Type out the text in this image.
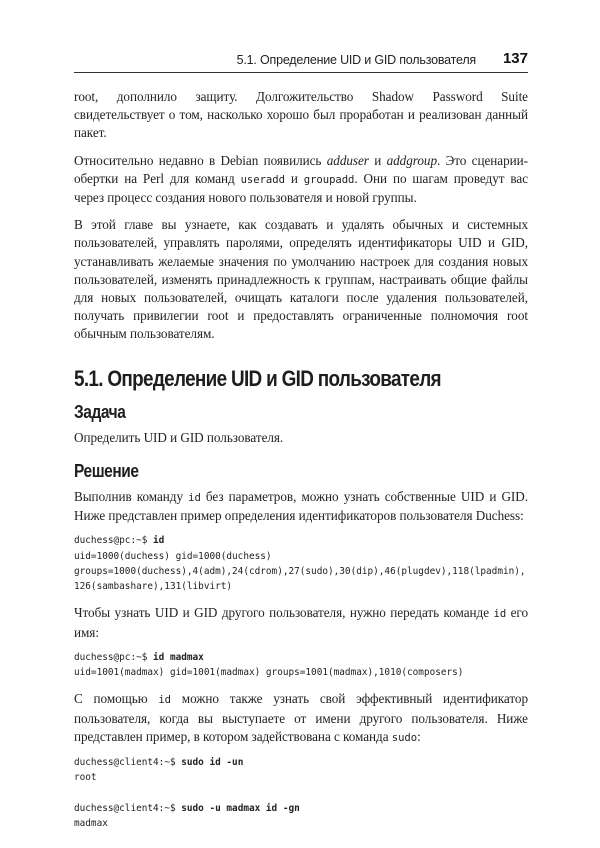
5.1. Определение UID и GID пользователя 137

root, дополнило защиту. Долгожительство Shadow Password Suite свидетельствует о том, насколько хорошо был проработан и реализован данный пакет.

Относительно недавно в Debian появились adduser и addgroup. Это сценарии-обертки на Perl для команд useradd и groupadd. Они по шагам проведут вас через процесс создания нового пользователя и новой группы.

В этой главе вы узнаете, как создавать и удалять обычных и системных пользователей, управлять паролями, определять идентификаторы UID и GID, устанавливать желаемые значения по умолчанию настроек для создания новых пользователей, изменять принадлежность к группам, настраивать общие файлы для новых пользователей, очищать каталоги после удаления пользователей, получать привилегии root и предоставлять ограниченные полномочия root обычным пользователям.

5.1. Определение UID и GID пользователя
Задача

Определить UID и GID пользователя.

Решение

Выполнив команду id без параметров, можно узнать собственные UID и GID. Ниже представлен пример определения идентификаторов пользователя Duchess:

duchess@pc:~$ id
uid=1000(duchess) gid=1000(duchess)
groups=1000(duchess),4(adm),24(cdrom),27(sudo),30(dip),46(plugdev),118(lpadmin),
126(sambashare),131(libvirt)

Чтобы узнать UID и GID другого пользователя, нужно передать команде id его имя:

duchess@pc:~$ id madmax
uid=1001(madmax) gid=1001(madmax) groups=1001(madmax),1010(composers)

С помощью id можно также узнать свой эффективный идентификатор пользователя, когда вы выступаете от имени другого пользователя. Ниже представлен пример, в котором задействована с команда sudo:

duchess@client4:~$ sudo id -un
root

duchess@client4:~$ sudo -u madmax id -gn
madmax
